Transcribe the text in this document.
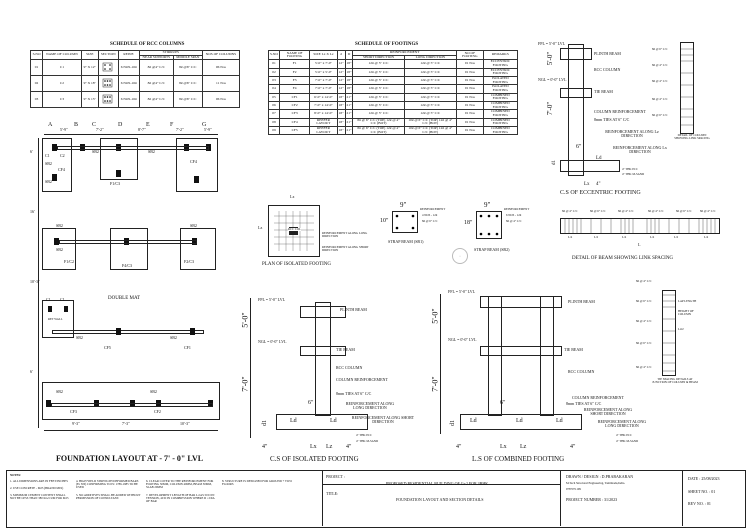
SCHEDULE OF RCC COLUMNS
S.NO	NAME OF COLUMN	SIZE	SECTION	REINF.	STIRRUPS		NOS OF COLUMNS
					NEAR SUPPORTS	MIDDLE SPAN	
01	C1	9" X 12"		6 NOS-16#	8# @4" C/C	8# @6" C/C	06 Nos
02	C2	9" X 18"		6 NOS-16#	8# @4" C/C	8# @6" C/C	11 Nos
03	C3	9" X 15"		6 NOS-16#	8# @4" C/C	8# @6" C/C	06 Nos
SCHEDULE OF FOOTINGS
S.NO	NAME OF FOOTING	SIZE Lx X Lz	d	D	REINFORCEMENT		NO OF FOOTING	REMARKS
					SHORT DIRECTION	LONG DIRECTION		
01	F1	5'-0" x 7'-0"	12"	18"	12# @ 5" C/C	12# @ 5" C/C	01 Nos	ECCENTRIC FOOTING
02	F2	5'-0" x 5'-0"	12"	18"	12# @ 5" C/C	12# @ 5" C/C	01 Nos	ECCENTRIC FOOTING
03	F3	7'-0" x 7'-0"	12"	18"	12# @ 5" C/C	12# @ 5" C/C	01 Nos	ISOLATED FOOTING
04	F4	7'-0" x 7'-0"	12"	18"	12# @ 5" C/C	12# @ 5" C/C	01 Nos	ISOLATED FOOTING
05	CF1	6'-0" x 14'-0"	18"	21"	12# @ 5" C/C	12# @ 5" C/C	01 Nos	COMBINED FOOTING
06	CF2	7'-0" x 14'-0"	18"	21"	12# @ 5" C/C	12# @ 5" C/C	01 Nos	COMBINED FOOTING
07	CF3	8'-0" x 14'-0"	18"	21"	12# @ 5" C/C	12# @ 5" C/C	01 Nos	COMBINED FOOTING
08	CF4	REEFER LAYOUT	18"	21"	8# @ 6" C/C (TOP) 12# @ 4" C/C (BOT)	10# @ 6" C/C (TOP) 12# @ 4" C/C (BOT)	01 Nos	COMBINED FOOTING
09	CF5	REEFER LAYOUT	18"	21"	8# @ 6" C/C (TOP) 12# @ 4" C/C (BOT)	10# @ 6" C/C (TOP) 12# @ 4" C/C (BOT)	01 Nos	COMBINED FOOTING
A	B C	D	E	F	G
5'-9"	7'-2"	8'-7"	7'-2"	5'-9"
6'
16'
10'-3"
6'
C1	C2
SB2
CF4
SB2	SB2
CF4
SB2	F1/C3
SB2
SB2
F1/C2
F4/C3
SB2
F2/C3
DOUBLE MAT
C1 C1
RET WALL
SB2
CF5
SB2
CF1
SB2	SB2
CF3	CF2
9'-3"	7'-3"	10'-3"
FOUNDATION LAYOUT AT - 7' - 0" LVL
Lx
Lz	RCC COL
REINFORCEMENT ALONG LONG DIRECTION
REINFORCEMENT ALONG SHORT DIRECTION
PLAN OF ISOLATED FOOTING
9"
10"
REINFORCEMENT
4 NOS - 12#
8# @ 6" C/C
STRAP BEAM (SB1)
9"
18"
REINFORCEMENT
6 NOS - 12#
8# @ 4" C/C
STRAP BEAM (SB2)
⌂
FPL = 5'-0" LVL
NGL = 0'-0" LVL
5'-0"
7'-0"
PLINTH BEAM
RCC COLUMN
TIE BEAM
COLUMN REINFORCEMENT
8mm TIES AT 6" C/C
REINFORCEMENT ALONG Lz DIRECTION
REINFORCEMENT ALONG Lx DIRECTION
6"
Ld
Lx 4"
d1
4" THK PCC
4" THK M-SAND
C.S OF ECCENTRIC FOOTING
8# @ 6" C/C
8# @ 4" C/C
8# @ 4" C/C
8# @ 4" C/C
8# @ 6" C/C
DETAIL OF COLUMN SHOWING LINK SPACING
8# @ 4" C/C	8# @ 6" C/C	8# @ 4" C/C	8# @ 4" C/C	8# @ 6" C/C	8# @ 4" C/C
L/4	L/2	L/4	L/4	L/2	L/4
L
DETAIL OF BEAM SHOWING LINK SPACING
FPL = 5'-0" LVL
NGL = 0'-0" LVL
5'-0"
7'-0"
PLINTH BEAM
TIE BEAM
RCC COLUMN
COLUMN REINFORCEMENT
8mm TIES AT 6" C/C
REINFORCEMENT ALONG LONG DIRECTION
REINFORCEMENT ALONG SHORT DIRECTION
6"
Ld	Ld
d1
4" THK PCC
4" THK M-SAND
4"	Lx Lz 4"
C.S OF ISOLATED FOOTING
FFL = 5'-0" LVL
NGL = 0'-0" LVL
5'-0"
7'-0"
PLINTH BEAM
TIE BEAM
RCC COLUMN
COLUMN REINFORCEMENT
8mm TIES AT 6" C/C
REINFORCEMENT ALONG SHORT DIRECTION
REINFORCEMENT ALONG LONG DIRECTION
6"
Ld	Ld	Ld
d1
4" THK PCC
4" THK M-SAND
4"	Lx Lz	4"
L.S OF COMBINED FOOTING
8# @ 4" C/C
8# @ 6" C/C
8# @ 4" C/C
8# @ 6" C/C
8# @ 4" C/C
LAP LENGTH
HEIGHT OF COLUMN
Ld/2
TIE SPACING DETAILS AT JUNCTION OF COLUMN & BEAM
NOTES:
1. ALL DIMENSIONS ARE IN FEET/INCHES
2. USE CONCRETE - M25 (BRAND MIX)
3. MINIMUM CEMENT CONTENT SHALL NOT BE LESS THAN 380 KG/CUM FOR M25
4. HIGH YIELD STRENGTH DEFORMED BARS (Fe 500) CONFIRMING TO IS: 1786-1985 TO BE USED
5. NO ADDITIVES SHALL BE ADDED WITHOUT PERMISSION OF CONSULTANT.
6. CLEAR COVER TO THE REINFORCEMENT FOR FOOTING 50MM, COLUMN 40MM, BEAM 30MM, SLAB 20MM
7. DEVELOPMENT LENGTH OF BAR Ld AS 50 D IN TENSION, 40 D IN COMPRESSION WHERE D = DIA OF BAR
8. STRUCTURE IS DESIGNED FOR GROUND + TWO FLOORS
PROJECT :
PROPOSED RESIDENTIAL BUILDING OF G+2 FOR 3BHK
TITLE:
FOUNDATION LAYOUT AND SECTION DETAILS
DRAWN / DESIGN : D.PRABAKARAN
M.Tech Structural Engineering, Tamilnadu,India.
9787071199
PROJECT NUMBER : 31/2023
DATE : 25/08/2023
SHEET NO. : 01
REV NO. : 01
